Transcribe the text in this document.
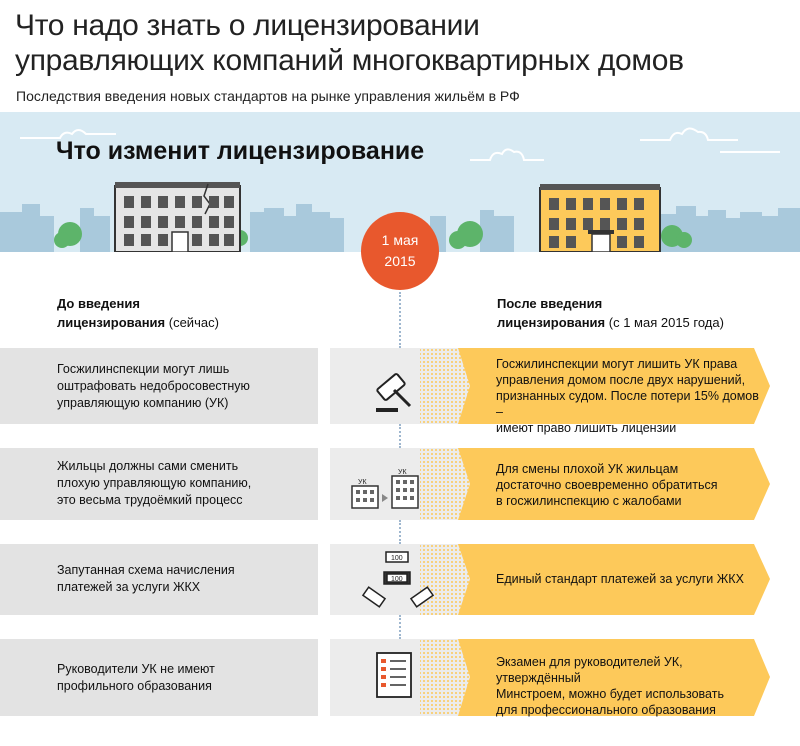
Что надо знать о лицензировании
управляющих компаний многоквартирных домов
Последствия введения новых стандартов на рынке управления жильём в РФ
Что изменит лицензирование
1 мая
2015
До введения
лицензирования (сейчас)
После введения
лицензирования (с 1 мая 2015 года)
Госжилинспекции могут лишь
оштрафовать недобросовестную
управляющую компанию (УК)
Госжилинспекции могут лишить УК права
управления домом после двух нарушений,
признанных судом. После потери 15% домов –
имеют право лишить лицензии
УК
УК
Жильцы должны сами сменить
плохую управляющую компанию,
это весьма трудоёмкий процесс
Для смены плохой УК жильцам
достаточно своевременно обратиться
в госжилинспекцию с жалобами
100
100
Запутанная схема начисления
платежей за услуги ЖКХ
Единый стандарт платежей за услуги ЖКХ
Руководители УК не имеют
профильного образования
Экзамен для руководителей УК, утверждённый
Минстроем, можно будет использовать
для профессионального образования
